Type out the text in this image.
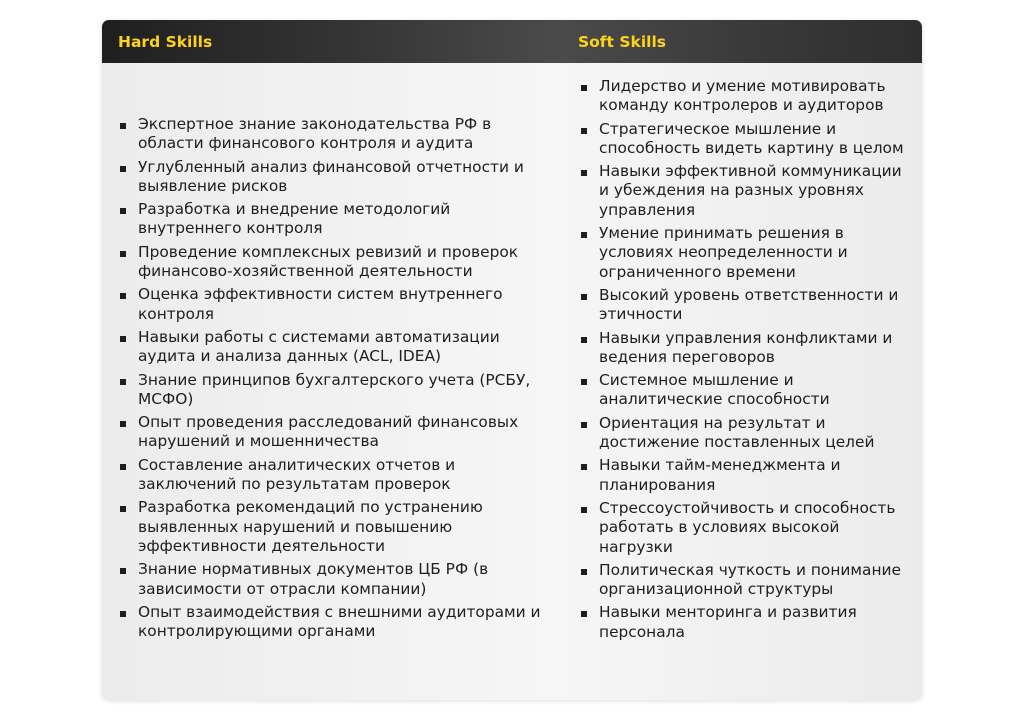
Hard Skills	Soft Skills
Экспертное знание законодательства РФ в области финансового контроля и аудита
Углубленный анализ финансовой отчетности и выявление рисков
Разработка и внедрение методологий внутреннего контроля
Проведение комплексных ревизий и проверок финансово-хозяйственной деятельности
Оценка эффективности систем внутреннего контроля
Навыки работы с системами автоматизации аудита и анализа данных (ACL, IDEA)
Знание принципов бухгалтерского учета (РСБУ, МСФО)
Опыт проведения расследований финансовых нарушений и мошенничества
Составление аналитических отчетов и заключений по результатам проверок
Разработка рекомендаций по устранению выявленных нарушений и повышению эффективности деятельности
Знание нормативных документов ЦБ РФ (в зависимости от отрасли компании)
Опыт взаимодействия с внешними аудиторами и контролирующими органами
Лидерство и умение мотивировать команду контролеров и аудиторов
Стратегическое мышление и способность видеть картину в целом
Навыки эффективной коммуникации и убеждения на разных уровнях управления
Умение принимать решения в условиях неопределенности и ограниченного времени
Высокий уровень ответственности и этичности
Навыки управления конфликтами и ведения переговоров
Системное мышление и аналитические способности
Ориентация на результат и достижение поставленных целей
Навыки тайм-менеджмента и планирования
Стрессоустойчивость и способность работать в условиях высокой нагрузки
Политическая чуткость и понимание организационной структуры
Навыки менторинга и развития персонала
